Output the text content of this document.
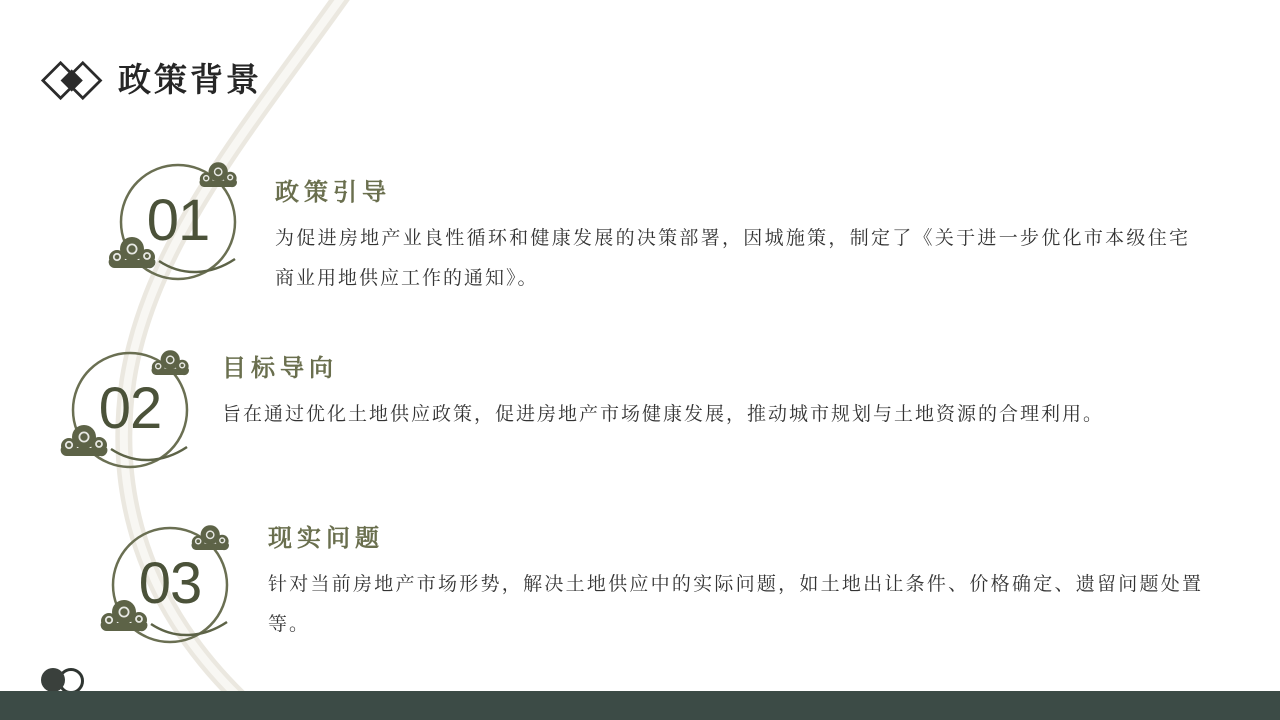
政策背景
01	政策引导

为促进房地产业良性循环和健康发展的决策部署，因城施策，制定了《关于进一步优化市本级住宅商业用地供应工作的通知》。

02
目标导向

旨在通过优化土地供应政策，促进房地产市场健康发展，推动城市规划与土地资源的合理利用。

03
现实问题

针对当前房地产市场形势，解决土地供应中的实际问题，如土地出让条件、价格确定、遗留问题处置等。
